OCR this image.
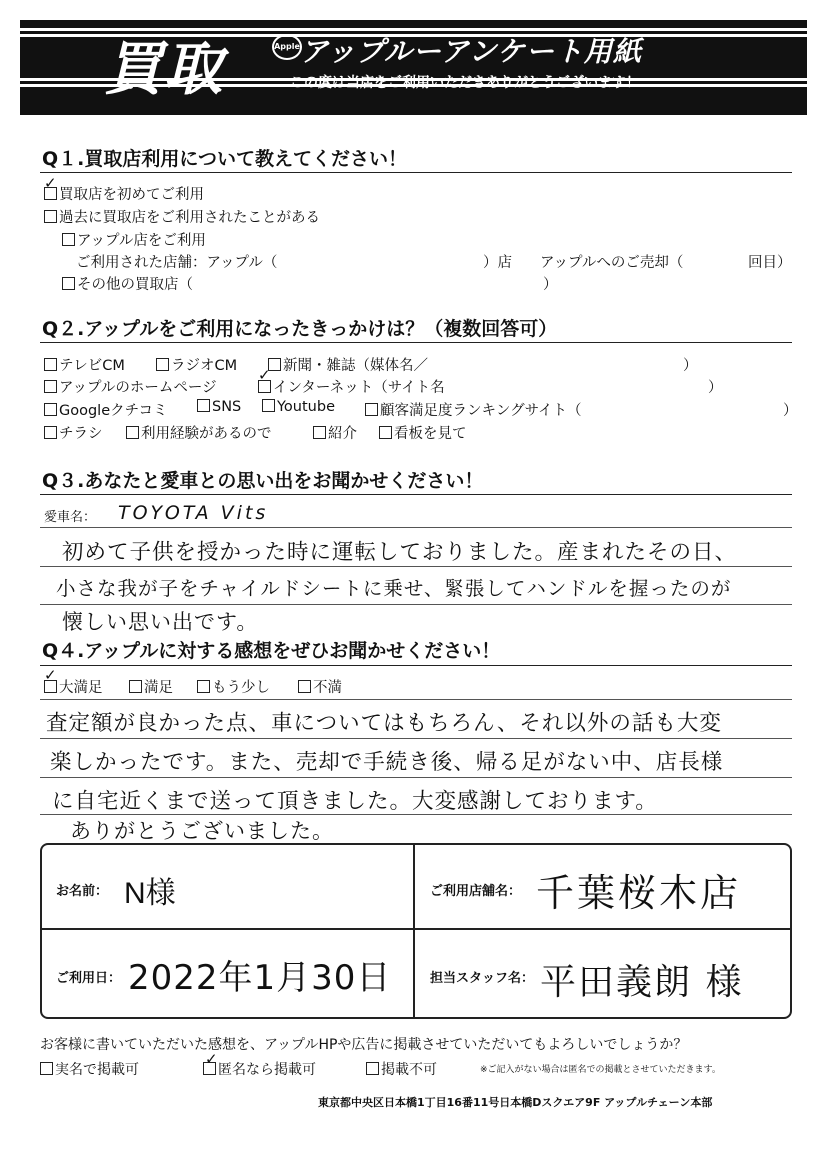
買取	Apple アップルーアンケート用紙
この度は当店をご利用いただきありがとうございます！
Q１.買取店利用について教えてください！
買取店を初めてご利用
✓
過去に買取店をご利用されたことがある
アップル店をご利用
ご利用された店舗：アップル（	）店 アップルへのご売却（	回目）
その他の買取店（	）
Q２.アップルをご利用になったきっかけは？（複数回答可）
テレビCM	ラジオCM	新聞・雑誌（媒体名／	）
アップルのホームページ	インターネット（サイト名
✓
）
Googleクチコミ	SNS	Youtube	顧客満足度ランキングサイト（	）
チラシ	利用経験があるので	紹介	看板を見て
Q３.あなたと愛車との思い出をお聞かせください！
愛車名： TOYOTA Vits
初めて子供を授かった時に運転しておりました。産まれたその日、
小さな我が子をチャイルドシートに乗せ、緊張してハンドルを握ったのが
懐しい思い出です。
Q４.アップルに対する感想をぜひお聞かせください！
大満足
✓
満足	もう少し	不満
査定額が良かった点、車についてはもちろん、それ以外の話も大変
楽しかったです。また、売却で手続き後、帰る足がない中、店長様
に自宅近くまで送って頂きました。大変感謝しております。
ありがとうございました。
お名前： N様	ご利用店舗名： 千葉桜木店
ご利用日： 2022年1月30日	担当スタッフ名： 平田義朗 様
お客様に書いていただいた感想を、アップルHPや広告に掲載させていただいてもよろしいでしょうか？
実名で掲載可	匿名なら掲載可
✓
掲載不可	※ご記入がない場合は匿名での掲載とさせていただきます。
東京都中央区日本橋1丁目16番11号日本橋Dスクエア9F アップルチェーン本部
